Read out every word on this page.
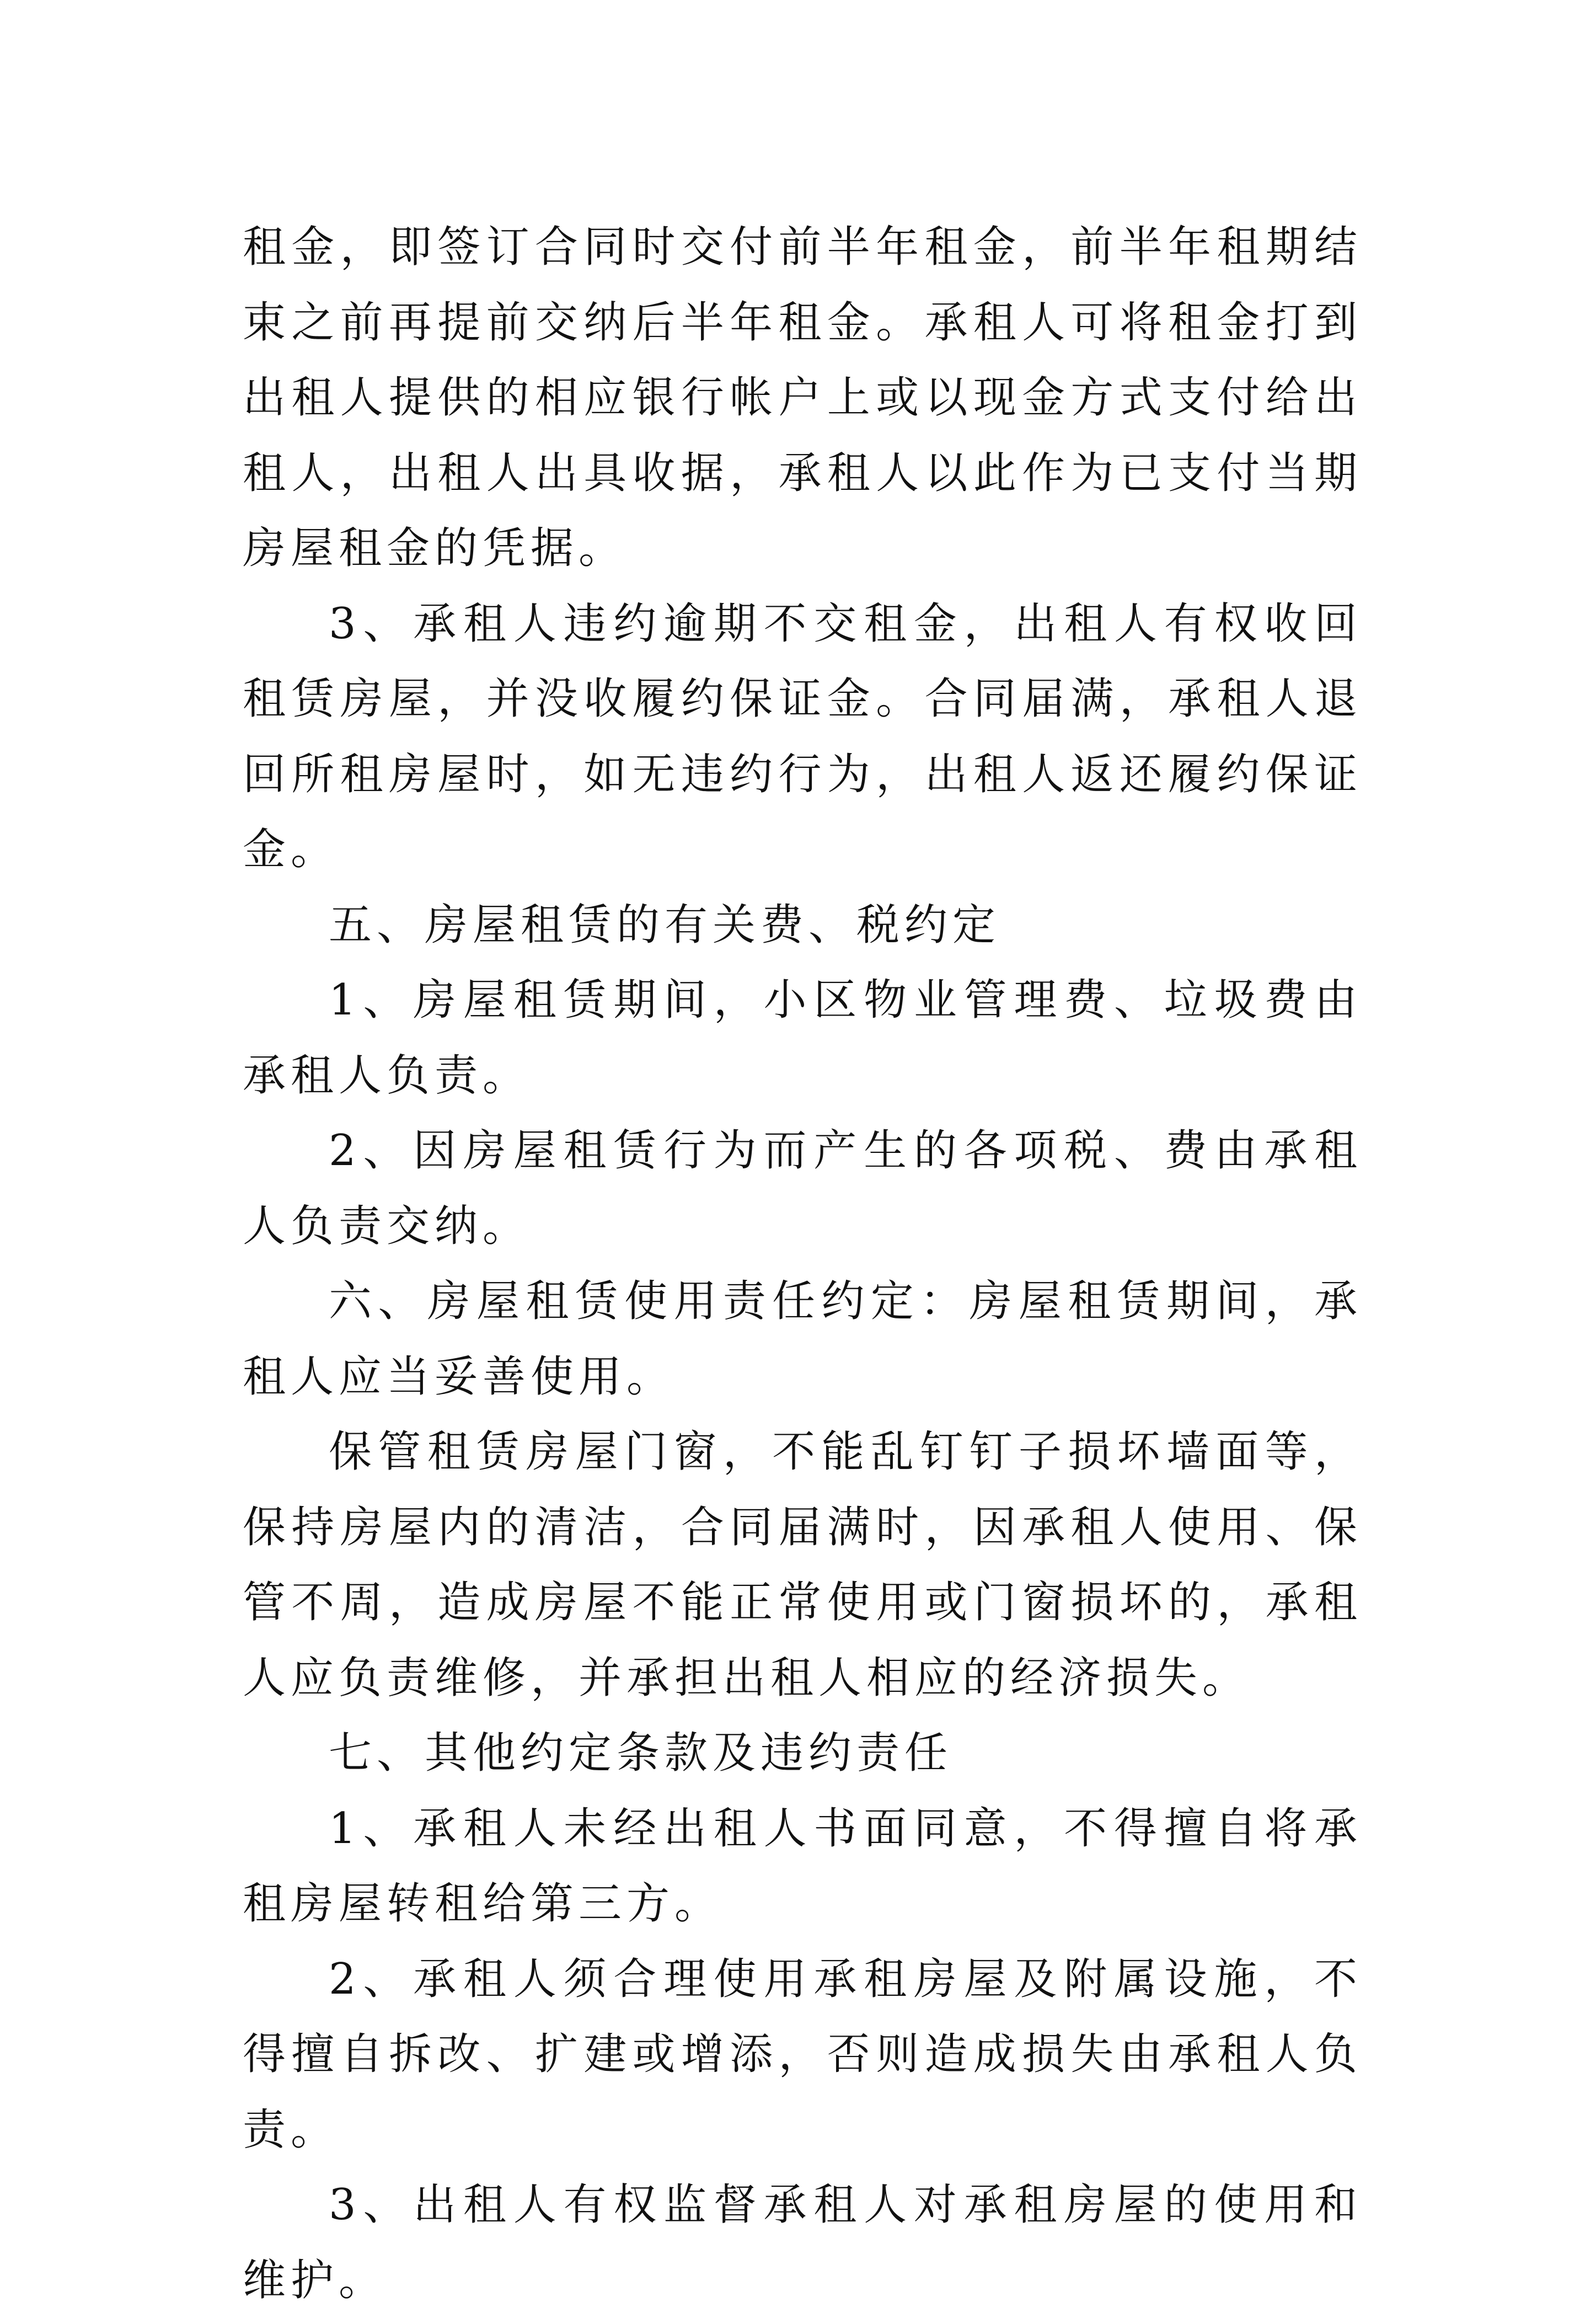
租金，即签订合同时交付前半年租金，前半年租期结束之前再提前交纳后半年租金。承租人可将租金打到出租人提供的相应银行帐户上或以现金方式支付给出租人，出租人出具收据，承租人以此作为已支付当期房屋租金的凭据。

3、承租人违约逾期不交租金，出租人有权收回租赁房屋，并没收履约保证金。合同届满，承租人退回所租房屋时，如无违约行为，出租人返还履约保证金。

五、房屋租赁的有关费、税约定

1、房屋租赁期间，小区物业管理费、垃圾费由承租人负责。

2、因房屋租赁行为而产生的各项税、费由承租人负责交纳。

六、房屋租赁使用责任约定：房屋租赁期间，承租人应当妥善使用。

保管租赁房屋门窗，不能乱钉钉子损坏墙面等，保持房屋内的清洁，合同届满时，因承租人使用、保管不周，造成房屋不能正常使用或门窗损坏的，承租人应负责维修，并承担出租人相应的经济损失。

七、其他约定条款及违约责任

1、承租人未经出租人书面同意，不得擅自将承租房屋转租给第三方。

2、承租人须合理使用承租房屋及附属设施，不得擅自拆改、扩建或增添，否则造成损失由承租人负责。

3、出租人有权监督承租人对承租房屋的使用和维护。
